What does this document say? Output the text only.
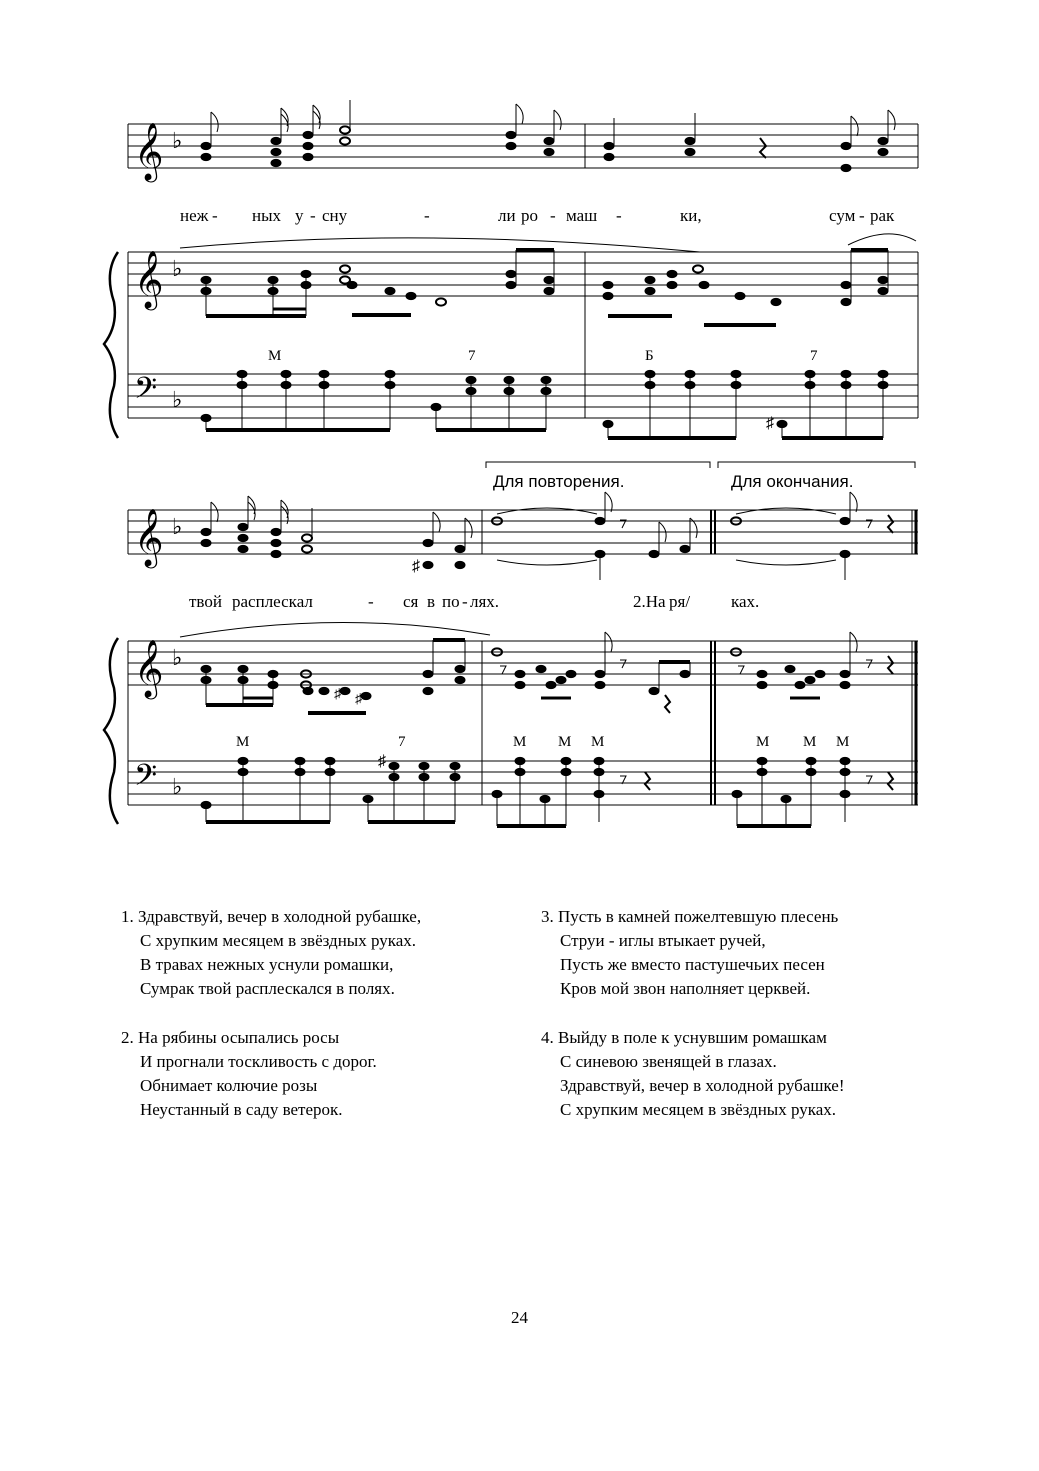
𝄞 ♭
неж - ных у - сну	-	ли ро - маш -	ки,	сум - рак
𝄞 ♭
𝄢 ♭
♯
М	7	Б	7
Для повторения.	Для окончания.
𝄞 ♭
♯
твой расплескал	- ся в по - лях.	2.На ря/ ках.
𝄞 ♭
♯ ♯
𝄢 ♭
♯
М	7	М М М	М М М
1. Здравствуй, вечер в холодной рубашке,
С хрупким месяцем в звёздных руках.
В травах нежных уснули ромашки,
Сумрак твой расплескался в полях.
2. На рябины осыпались росы
И прогнали тоскливость с дорог.
Обнимает колючие розы
Неустанный в саду ветерок.
3. Пусть в камней пожелтевшую плесень
Струи - иглы втыкает ручей,
Пусть же вместо пастушечьих песен
Кров мой звон наполняет церквей.
4. Выйду в поле к уснувшим ромашкам
С синевою звенящей в глазах.
Здравствуй, вечер в холодной рубашке!
С хрупким месяцем в звёздных руках.
24
